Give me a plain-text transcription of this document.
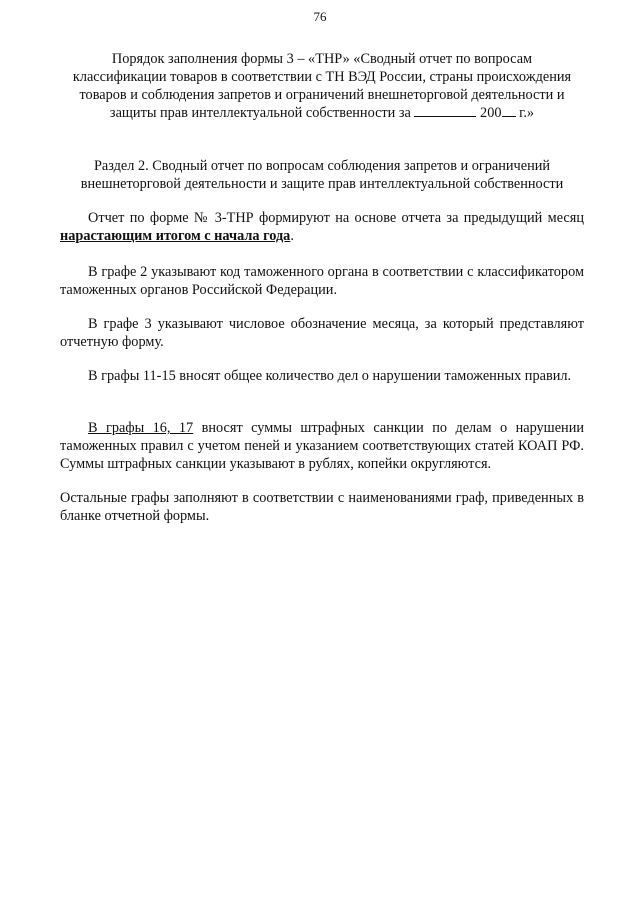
76
Порядок заполнения формы 3 – «ТНР» «Сводный отчет по вопросам
классификации товаров в соответствии с ТН ВЭД России, страны происхождения
товаров и соблюдения запретов и ограничений внешнеторговой деятельности и
защиты прав интеллектуальной собственности за	200 г.»
Раздел 2. Сводный отчет по вопросам соблюдения запретов и ограничений
внешнеторговой деятельности и защите прав интеллектуальной собственности
Отчет по форме № 3-ТНР формируют на основе отчета за предыдущий месяц нарастающим итогом с начала года.
В графе 2 указывают код таможенного органа в соответствии с классификатором таможенных органов Российской Федерации.
В графе 3 указывают числовое обозначение месяца, за который представляют отчетную форму.
В графы 11-15 вносят общее количество дел о нарушении таможенных правил.
В графы 16, 17 вносят суммы штрафных санкции по делам о нарушении таможенных правил с учетом пеней и указанием соответствующих статей КОАП РФ. Суммы штрафных санкции указывают в рублях, копейки округляются.
Остальные графы заполняют в соответствии с наименованиями граф, приведенных в бланке отчетной формы.
